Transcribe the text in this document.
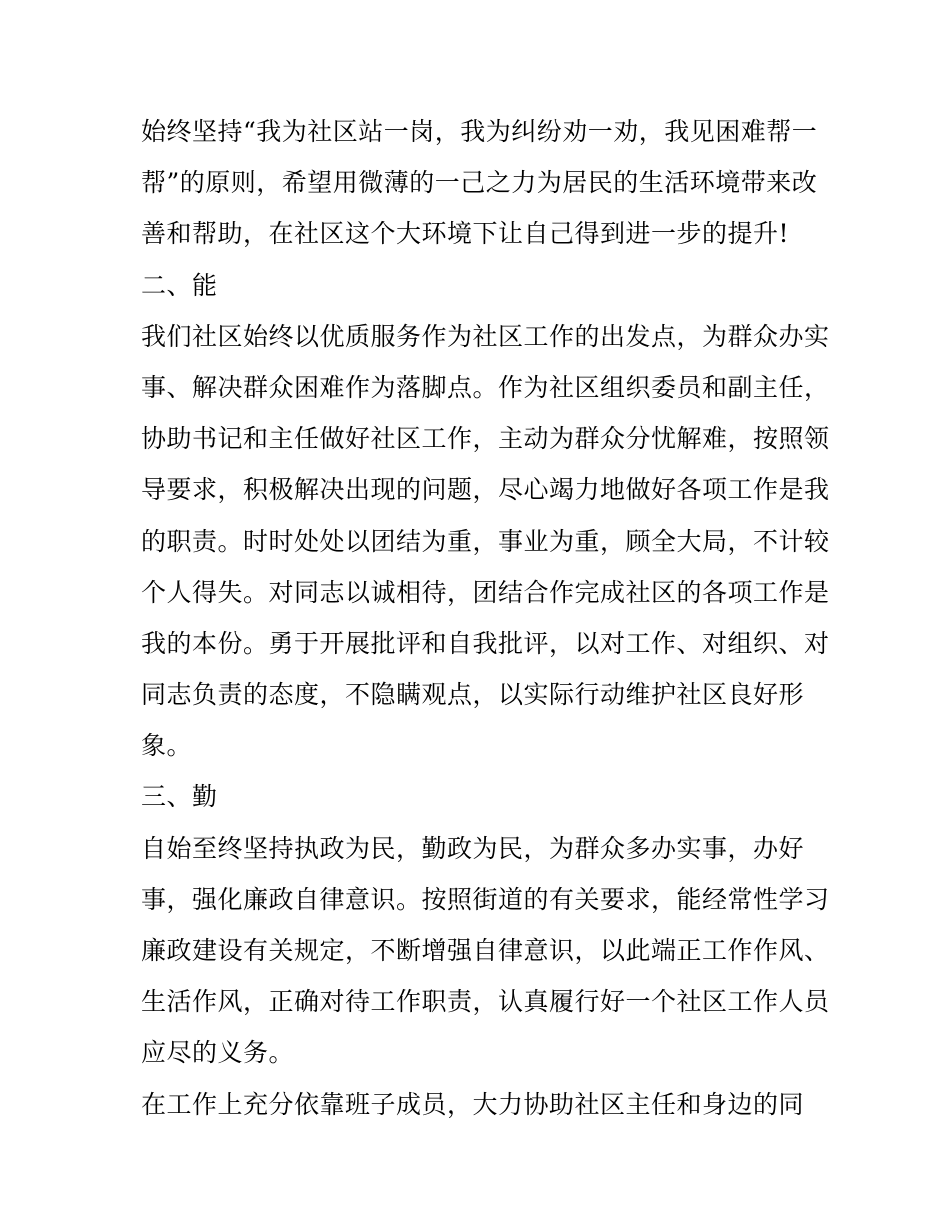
始终坚持“我为社区站一岗，我为纠纷劝一劝，我见困难帮一
帮”的原则，希望用微薄的一己之力为居民的生活环境带来改
善和帮助，在社区这个大环境下让自己得到进一步的提升!
二、能
我们社区始终以优质服务作为社区工作的出发点，为群众办实
事、解决群众困难作为落脚点。作为社区组织委员和副主任，
协助书记和主任做好社区工作，主动为群众分忧解难，按照领
导要求，积极解决出现的问题，尽心竭力地做好各项工作是我
的职责。时时处处以团结为重，事业为重，顾全大局，不计较
个人得失。对同志以诚相待，团结合作完成社区的各项工作是
我的本份。勇于开展批评和自我批评，以对工作、对组织、对
同志负责的态度，不隐瞒观点，以实际行动维护社区良好形
象。
三、勤
自始至终坚持执政为民，勤政为民，为群众多办实事，办好
事，强化廉政自律意识。按照街道的有关要求，能经常性学习
廉政建设有关规定，不断增强自律意识，以此端正工作作风、
生活作风，正确对待工作职责，认真履行好一个社区工作人员
应尽的义务。
在工作上充分依靠班子成员，大力协助社区主任和身边的同
